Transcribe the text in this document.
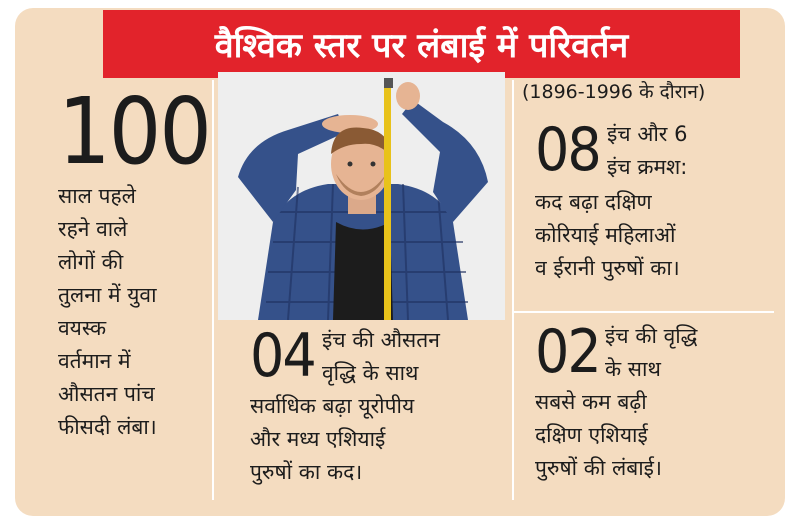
वैश्विक स्तर पर लंबाई में परिवर्तन
100
साल पहले
रहने वाले
लोगों की
तुलना में युवा
वयस्क
वर्तमान में
औसतन पांच
फीसदी लंबा।
04 इंच की औसतन
वृद्धि के साथ
सर्वाधिक बढ़ा यूरोपीय
और मध्य एशियाई
पुरुषों का कद।
(1896-1996 के दौरान)
08 इंच और 6
इंच क्रमश:
कद बढ़ा दक्षिण
कोरियाई महिलाओं
व ईरानी पुरुषों का।
02 इंच की वृद्धि
के साथ
सबसे कम बढ़ी
दक्षिण एशियाई
पुरुषों की लंबाई।
